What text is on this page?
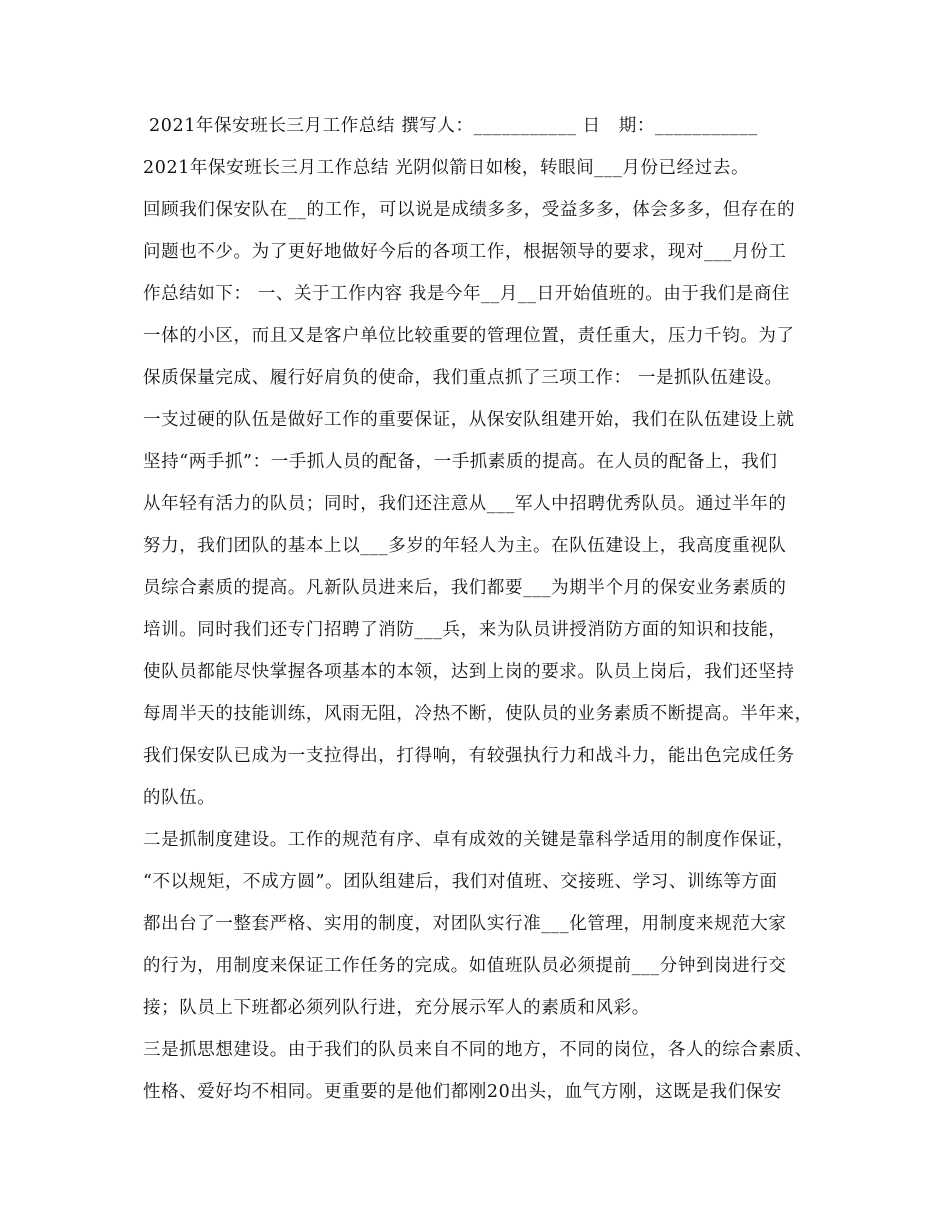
2021年保安班长三月工作总结 撰写人：___________ 日　期：___________
2021年保安班长三月工作总结 光阴似箭日如梭，转眼间___月份已经过去。
回顾我们保安队在__的工作，可以说是成绩多多，受益多多，体会多多，但存在的
问题也不少。为了更好地做好今后的各项工作，根据领导的要求，现对___月份工
作总结如下： 一、关于工作内容 我是今年__月__日开始值班的。由于我们是商住
一体的小区，而且又是客户单位比较重要的管理位置，责任重大，压力千钧。为了
保质保量完成、履行好肩负的使命，我们重点抓了三项工作： 一是抓队伍建设。
一支过硬的队伍是做好工作的重要保证，从保安队组建开始，我们在队伍建设上就
坚持“两手抓”：一手抓人员的配备，一手抓素质的提高。在人员的配备上，我们
从年轻有活力的队员；同时，我们还注意从___军人中招聘优秀队员。通过半年的
努力，我们团队的基本上以___多岁的年轻人为主。在队伍建设上，我高度重视队
员综合素质的提高。凡新队员进来后，我们都要___为期半个月的保安业务素质的
培训。同时我们还专门招聘了消防___兵，来为队员讲授消防方面的知识和技能，
使队员都能尽快掌握各项基本的本领，达到上岗的要求。队员上岗后，我们还坚持
每周半天的技能训练，风雨无阻，冷热不断，使队员的业务素质不断提高。半年来，
我们保安队已成为一支拉得出，打得响，有较强执行力和战斗力，能出色完成任务
的队伍。
二是抓制度建设。工作的规范有序、卓有成效的关键是靠科学适用的制度作保证，
“不以规矩，不成方圆”。团队组建后，我们对值班、交接班、学习、训练等方面
都出台了一整套严格、实用的制度，对团队实行准___化管理，用制度来规范大家
的行为，用制度来保证工作任务的完成。如值班队员必须提前___分钟到岗进行交
接；队员上下班都必须列队行进，充分展示军人的素质和风彩。
三是抓思想建设。由于我们的队员来自不同的地方，不同的岗位，各人的综合素质、
性格、爱好均不相同。更重要的是他们都刚20出头，血气方刚，这既是我们保安
